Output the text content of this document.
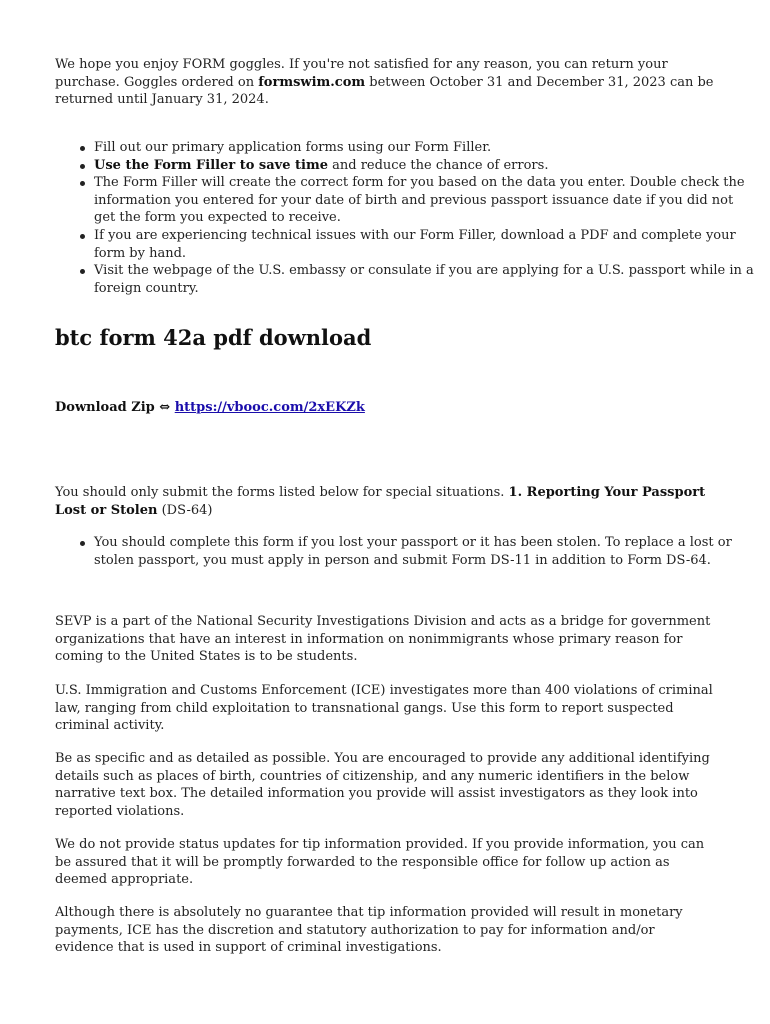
We hope you enjoy FORM goggles. If you're not satisfied for any reason, you can return your purchase. Goggles ordered on formswim.com between October 31 and December 31, 2023 can be returned until January 31, 2024.

Fill out our primary application forms using our Form Filler.
Use the Form Filler to save time and reduce the chance of errors.
The Form Filler will create the correct form for you based on the data you enter. Double check the information you entered for your date of birth and previous passport issuance date if you did not get the form you expected to receive.
If you are experiencing technical issues with our Form Filler, download a PDF and complete your form by hand.
Visit the webpage of the U.S. embassy or consulate if you are applying for a U.S. passport while in a foreign country.
btc form 42a pdf download

Download Zip ⇔ https://vbooc.com/2xEKZk

You should only submit the forms listed below for special situations. 1. Reporting Your Passport Lost or Stolen (DS-64)

You should complete this form if you lost your passport or it has been stolen. To replace a lost or stolen passport, you must apply in person and submit Form DS-11 in addition to Form DS-64.

SEVP is a part of the National Security Investigations Division and acts as a bridge for government organizations that have an interest in information on nonimmigrants whose primary reason for coming to the United States is to be students.

U.S. Immigration and Customs Enforcement (ICE) investigates more than 400 violations of criminal law, ranging from child exploitation to transnational gangs. Use this form to report suspected criminal activity.

Be as specific and as detailed as possible. You are encouraged to provide any additional identifying details such as places of birth, countries of citizenship, and any numeric identifiers in the below narrative text box. The detailed information you provide will assist investigators as they look into reported violations.

We do not provide status updates for tip information provided. If you provide information, you can be assured that it will be promptly forwarded to the responsible office for follow up action as deemed appropriate.

Although there is absolutely no guarantee that tip information provided will result in monetary payments, ICE has the discretion and statutory authorization to pay for information and/or evidence that is used in support of criminal investigations.
